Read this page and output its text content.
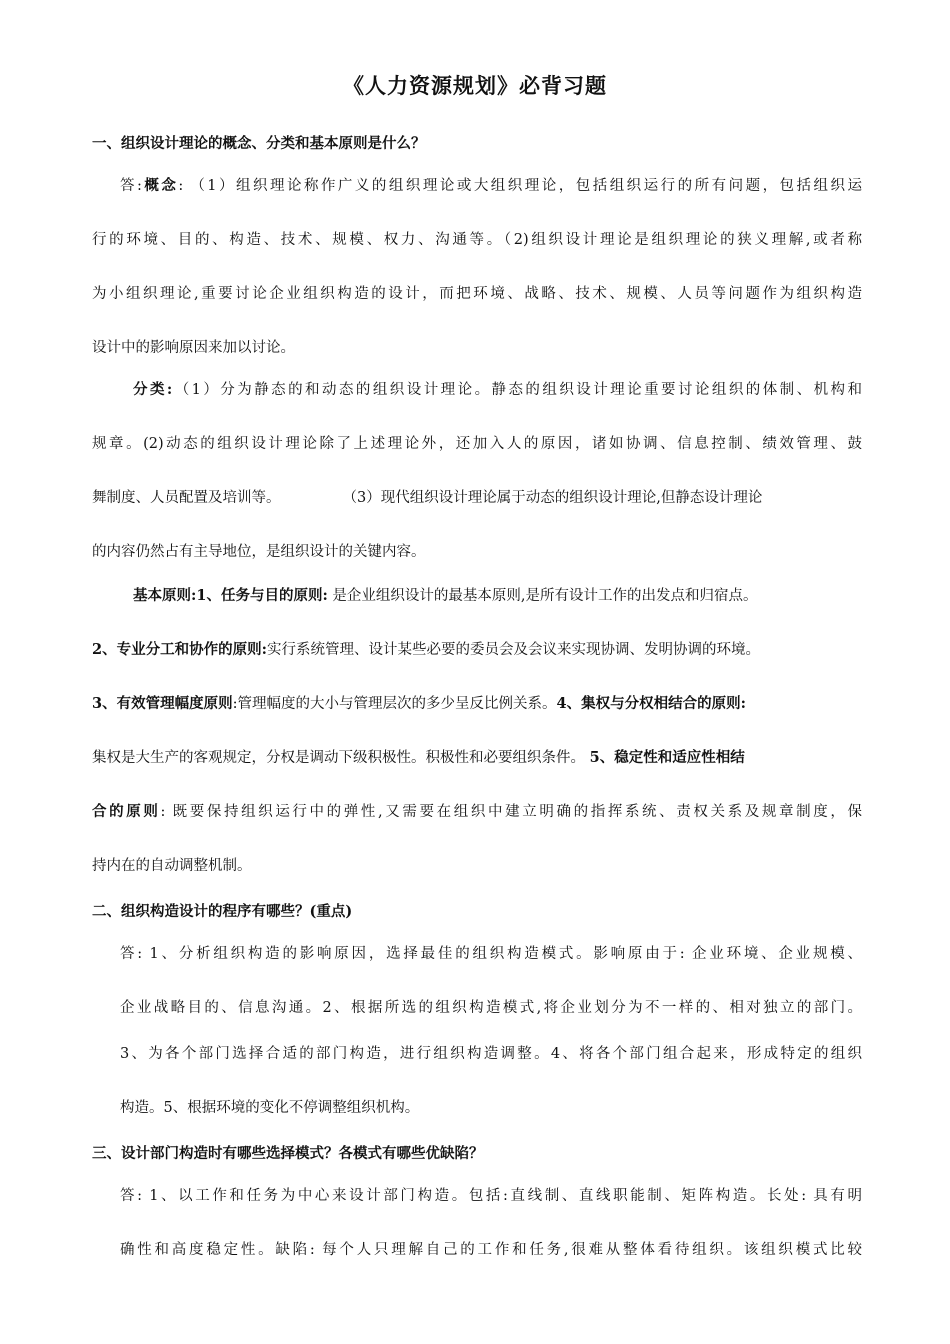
《人力资源规划》必背习题
一、组织设计理论的概念、分类和基本原则是什么？
答:概念: （1）组织理论称作广义的组织理论或大组织理论，包括组织运行的所有问题，包括组织运
行的环境、目的、构造、技术、规模、权力、沟通等。（2)组织设计理论是组织理论的狭义理解,或者称
为小组织理论,重要讨论企业组织构造的设计，而把环境、战略、技术、规模、人员等问题作为组织构造
设计中的影响原因来加以讨论。
分类:（1）分为静态的和动态的组织设计理论。静态的组织设计理论重要讨论组织的体制、机构和
规章。(2)动态的组织设计理论除了上述理论外，还加入人的原因，诸如协调、信息控制、绩效管理、鼓
舞制度、人员配置及培训等。	（3）现代组织设计理论属于动态的组织设计理论,但静态设计理论
的内容仍然占有主导地位，是组织设计的关键内容。
基本原则:1、任务与目的原则: 是企业组织设计的最基本原则,是所有设计工作的出发点和归宿点。
2、专业分工和协作的原则:实行系统管理、设计某些必要的委员会及会议来实现协调、发明协调的环境。
3、有效管理幅度原则:管理幅度的大小与管理层次的多少呈反比例关系。4、集权与分权相结合的原则:
集权是大生产的客观规定，分权是调动下级积极性。积极性和必要组织条件。 5、稳定性和适应性相结
合的原则: 既要保持组织运行中的弹性,又需要在组织中建立明确的指挥系统、责权关系及规章制度，保
持内在的自动调整机制。
二、组织构造设计的程序有哪些？(重点)
答: 1、分析组织构造的影响原因，选择最佳的组织构造模式。影响原由于: 企业环境、企业规模、
企业战略目的、信息沟通。2、根据所选的组织构造模式,将企业划分为不一样的、相对独立的部门。
3、为各个部门选择合适的部门构造，进行组织构造调整。4、将各个部门组合起来，形成特定的组织
构造。5、根据环境的变化不停调整组织机构。
三、设计部门构造时有哪些选择模式？各模式有哪些优缺陷？
答: 1、以工作和任务为中心来设计部门构造。包括:直线制、直线职能制、矩阵构造。长处: 具有明
确性和高度稳定性。缺陷: 每个人只理解自己的工作和任务,很难从整体看待组织。该组织模式比较
